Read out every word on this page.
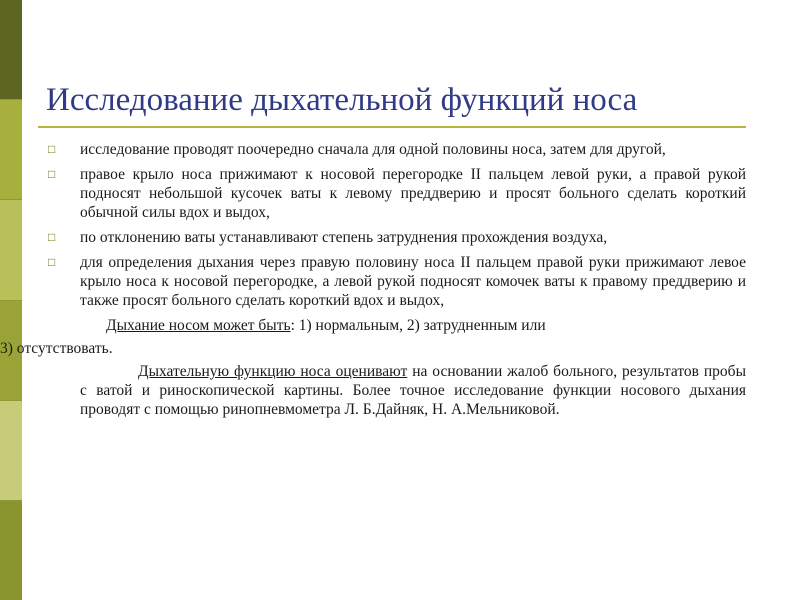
Исследование дыхательной функций носа
□ исследование проводят поочередно сначала для одной половины носа, затем для другой,
□ правое крыло носа прижимают к носовой перегородке II пальцем левой руки, а правой рукой подносят небольшой кусочек ваты к левому преддверию и просят больного сделать короткий обычной силы вдох и выдох,
□ по отклонению ваты устанавливают степень затруднения прохождения воздуха,
□ для определения дыхания через правую половину носа II пальцем правой руки прижимают левое крыло носа к носовой перегородке, а левой рукой подносят комочек ваты к правому преддверию и также просят больного сделать короткий вдох и выдох,

Дыхание носом может быть: 1) нормальным, 2) затрудненным или

3) отсутствовать.

Дыхательную функцию носа оценивают на основании жалоб больного, результатов пробы с ватой и риноскопической картины. Более точное исследование функции носового дыхания проводят с помощью ринопневмометра Л. Б.Дайняк, Н. А.Мельниковой.
